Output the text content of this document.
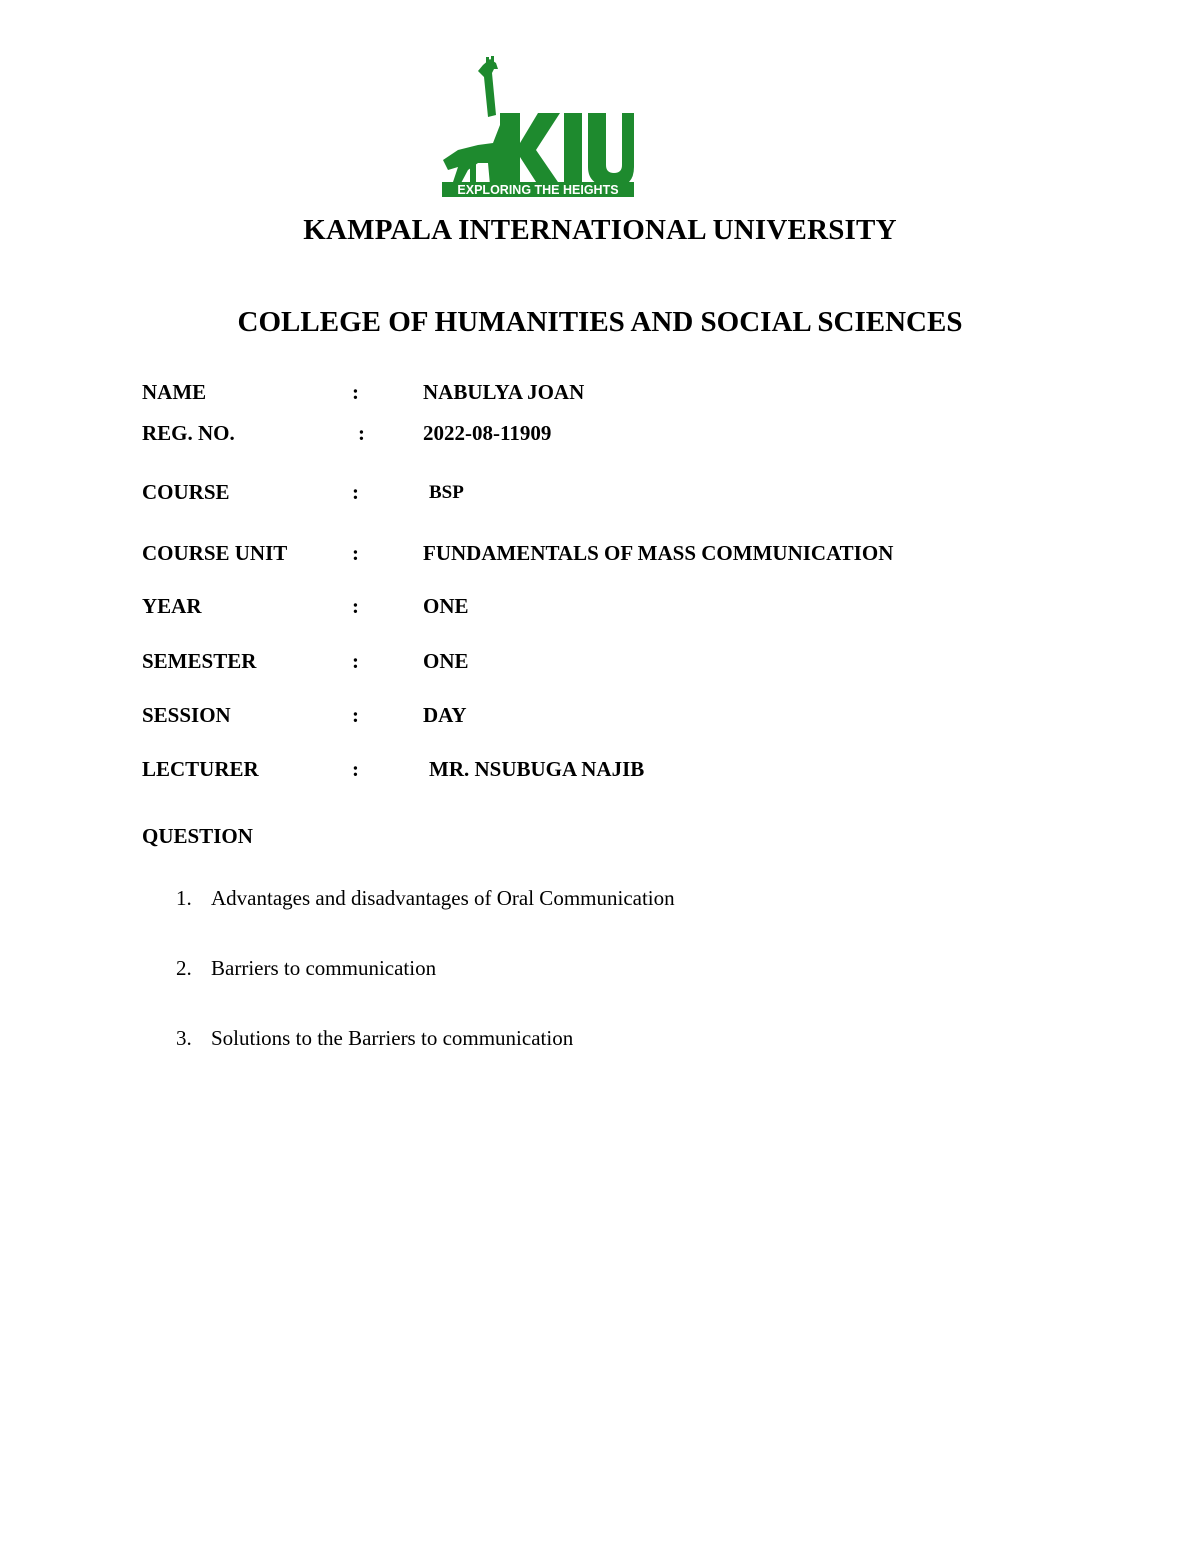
EXPLORING THE HEIGHTS
KAMPALA INTERNATIONAL UNIVERSITY
COLLEGE OF HUMANITIES AND SOCIAL SCIENCES
NAME	:	NABULYA JOAN
REG. NO.	:	2022-08-11909
COURSE	:	BSP
COURSE UNIT	:	FUNDAMENTALS OF MASS COMMUNICATION
YEAR	:	ONE
SEMESTER	:	ONE
SESSION	:	DAY
LECTURER	:	MR. NSUBUGA NAJIB
QUESTION
1. Advantages and disadvantages of Oral Communication
2. Barriers to communication
3. Solutions to the Barriers to communication
